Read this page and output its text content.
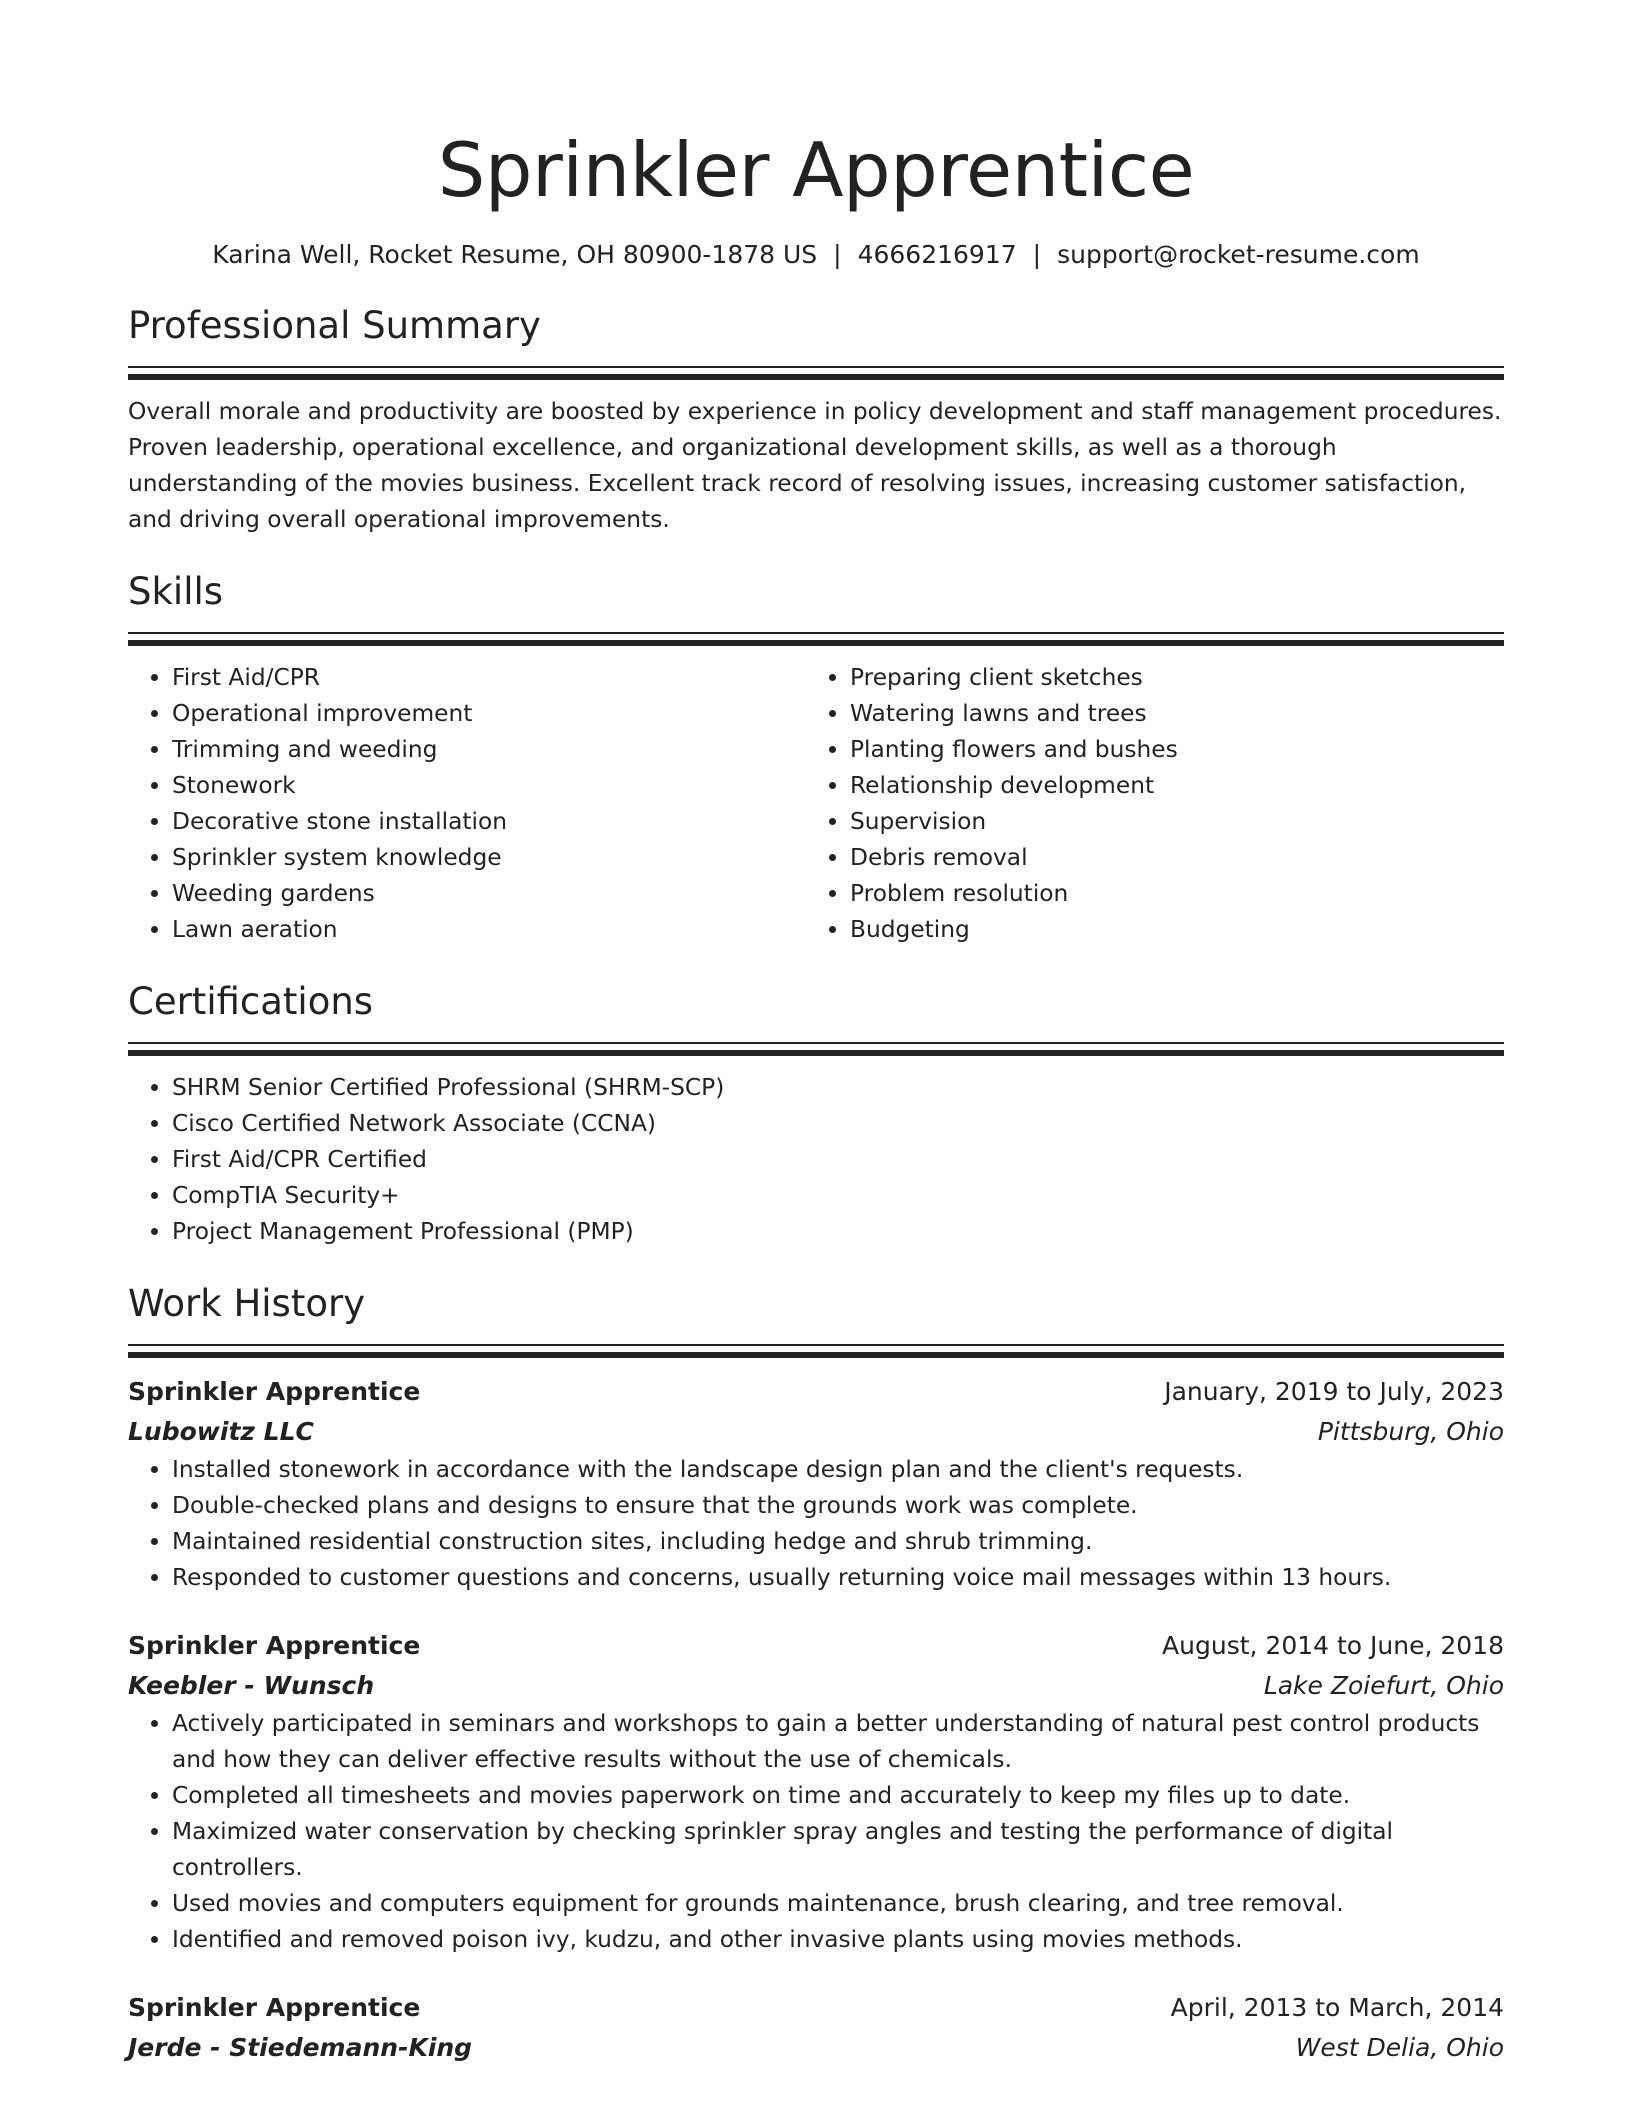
Sprinkler Apprentice
Karina Well, Rocket Resume, OH 80900-1878 US | 4666216917 | support@rocket-resume.com
Professional Summary
Overall morale and productivity are boosted by experience in policy development and staff management procedures. Proven leadership, operational excellence, and organizational development skills, as well as a thorough understanding of the movies business. Excellent track record of resolving issues, increasing customer satisfaction, and driving overall operational improvements.
Skills
• First Aid/CPR
• Operational improvement
• Trimming and weeding
• Stonework
• Decorative stone installation
• Sprinkler system knowledge
• Weeding gardens
• Lawn aeration
• Preparing client sketches
• Watering lawns and trees
• Planting flowers and bushes
• Relationship development
• Supervision
• Debris removal
• Problem resolution
• Budgeting
Certifications
• SHRM Senior Certified Professional (SHRM-SCP)
• Cisco Certified Network Associate (CCNA)
• First Aid/CPR Certified
• CompTIA Security+
• Project Management Professional (PMP)
Work History
Sprinkler Apprentice	January, 2019 to July, 2023
Lubowitz LLC	Pittsburg, Ohio
• Installed stonework in accordance with the landscape design plan and the client's requests.
• Double-checked plans and designs to ensure that the grounds work was complete.
• Maintained residential construction sites, including hedge and shrub trimming.
• Responded to customer questions and concerns, usually returning voice mail messages within 13 hours.
Sprinkler Apprentice	August, 2014 to June, 2018
Keebler - Wunsch	Lake Zoiefurt, Ohio
• Actively participated in seminars and workshops to gain a better understanding of natural pest control products and how they can deliver effective results without the use of chemicals.
• Completed all timesheets and movies paperwork on time and accurately to keep my files up to date.
• Maximized water conservation by checking sprinkler spray angles and testing the performance of digital controllers.
• Used movies and computers equipment for grounds maintenance, brush clearing, and tree removal.
• Identified and removed poison ivy, kudzu, and other invasive plants using movies methods.
Sprinkler Apprentice	April, 2013 to March, 2014
Jerde - Stiedemann-King	West Delia, Ohio
